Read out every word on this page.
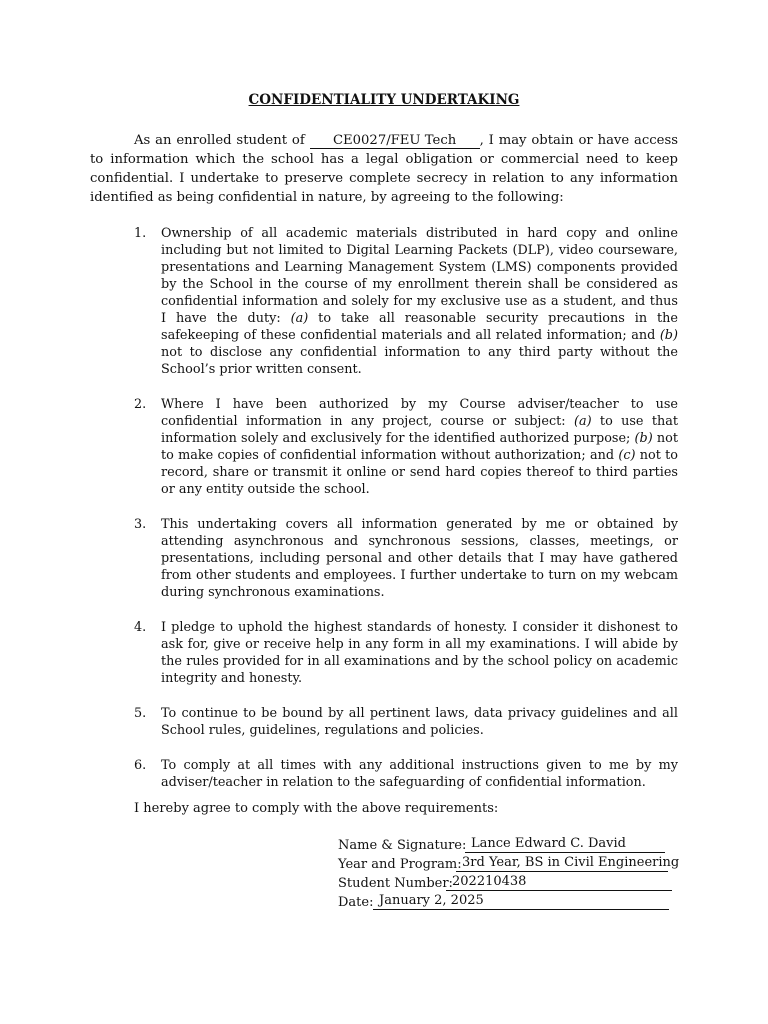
CONFIDENTIALITY UNDERTAKING
As an enrolled student of CE0027/FEU Tech , I may obtain or have access to information which the school has a legal obligation or commercial need to keep confidential. I undertake to preserve complete secrecy in relation to any information identified as being confidential in nature, by agreeing to the following:
1. Ownership of all academic materials distributed in hard copy and online including but not limited to Digital Learning Packets (DLP), video courseware, presentations and Learning Management System (LMS) components provided by the School in the course of my enrollment therein shall be considered as confidential information and solely for my exclusive use as a student, and thus I have the duty: (a) to take all reasonable security precautions in the safekeeping of these confidential materials and all related information; and (b) not to disclose any confidential information to any third party without the School’s prior written consent.
2. Where I have been authorized by my Course adviser/teacher to use confidential information in any project, course or subject: (a) to use that information solely and exclusively for the identified authorized purpose; (b) not to make copies of confidential information without authorization; and (c) not to record, share or transmit it online or send hard copies thereof to third parties or any entity outside the school.
3. This undertaking covers all information generated by me or obtained by attending asynchronous and synchronous sessions, classes, meetings, or presentations, including personal and other details that I may have gathered from other students and employees. I further undertake to turn on my webcam during synchronous examinations.
4. I pledge to uphold the highest standards of honesty. I consider it dishonest to ask for, give or receive help in any form in all my examinations. I will abide by the rules provided for in all examinations and by the school policy on academic integrity and honesty.
5. To continue to be bound by all pertinent laws, data privacy guidelines and all School rules, guidelines, regulations and policies.
6. To comply at all times with any additional instructions given to me by my adviser/teacher in relation to the safeguarding of confidential information.
I hereby agree to comply with the above requirements:
Name & Signature: Lance Edward C. David
Year and Program: 3rd Year, BS in Civil Engineering
Student Number: 202210438
Date: January 2, 2025
